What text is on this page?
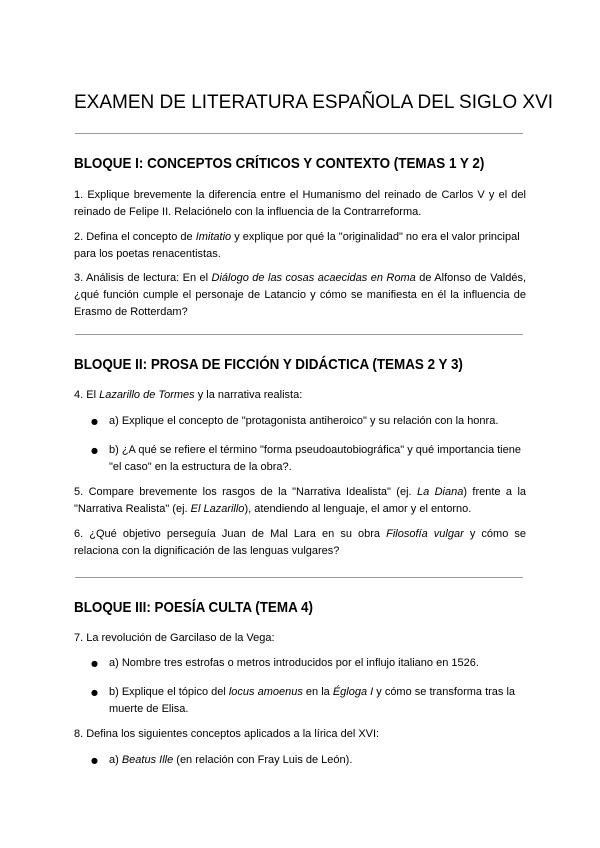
EXAMEN DE LITERATURA ESPAÑOLA DEL SIGLO XVI
BLOQUE I: CONCEPTOS CRÍTICOS Y CONTEXTO (TEMAS 1 Y 2)

1. Explique brevemente la diferencia entre el Humanismo del reinado de Carlos V y el del reinado de Felipe II. Relaciónelo con la influencia de la Contrarreforma.

2. Defina el concepto de Imitatio y explique por qué la "originalidad" no era el valor principal para los poetas renacentistas.

3. Análisis de lectura: En el Diálogo de las cosas acaecidas en Roma de Alfonso de Valdés, ¿qué función cumple el personaje de Latancio y cómo se manifiesta en él la influencia de Erasmo de Rotterdam?

BLOQUE II: PROSA DE FICCIÓN Y DIDÁCTICA (TEMAS 2 Y 3)

4. El Lazarillo de Tormes y la narrativa realista:

● a) Explique el concepto de "protagonista antiheroico" y su relación con la honra.

● b) ¿A qué se refiere el término "forma pseudoautobiográfica" y qué importancia tiene "el caso" en la estructura de la obra?.

5. Compare brevemente los rasgos de la "Narrativa Idealista" (ej. La Diana) frente a la "Narrativa Realista" (ej. El Lazarillo), atendiendo al lenguaje, el amor y el entorno.

6. ¿Qué objetivo perseguía Juan de Mal Lara en su obra Filosofía vulgar y cómo se relaciona con la dignificación de las lenguas vulgares?

BLOQUE III: POESÍA CULTA (TEMA 4)

7. La revolución de Garcilaso de la Vega:

● a) Nombre tres estrofas o metros introducidos por el influjo italiano en 1526.

● b) Explique el tópico del locus amoenus en la Égloga I y cómo se transforma tras la muerte de Elisa.

8. Defina los siguientes conceptos aplicados a la lírica del XVI:

● a) Beatus Ille (en relación con Fray Luis de León).
